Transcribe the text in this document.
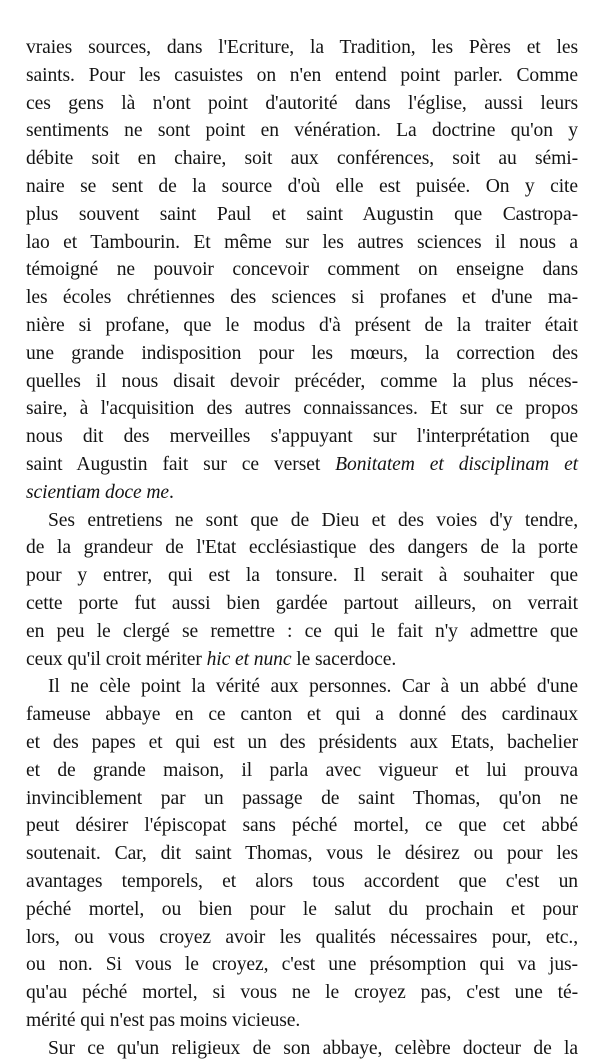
vraies sources, dans l'Ecriture, la Tradition, les Pères et les
saints. Pour les casuistes on n'en entend point parler. Comme
ces gens là n'ont point d'autorité dans l'église, aussi leurs
sentiments ne sont point en vénération. La doctrine qu'on y
débite soit en chaire, soit aux conférences, soit au sémi-
naire se sent de la source d'où elle est puisée. On y cite
plus souvent saint Paul et saint Augustin que Castropa-
lao et Tambourin. Et même sur les autres sciences il nous a
témoigné ne pouvoir concevoir comment on enseigne dans
les écoles chrétiennes des sciences si profanes et d'une ma-
nière si profane, que le modus d'à présent de la traiter était
une grande indisposition pour les mœurs, la correction des
quelles il nous disait devoir précéder, comme la plus néces-
saire, à l'acquisition des autres connaissances. Et sur ce propos
nous dit des merveilles s'appuyant sur l'interprétation que
saint Augustin fait sur ce verset Bonitatem et disciplinam et
scientiam doce me.
Ses entretiens ne sont que de Dieu et des voies d'y tendre,
de la grandeur de l'Etat ecclésiastique des dangers de la porte
pour y entrer, qui est la tonsure. Il serait à souhaiter que
cette porte fut aussi bien gardée partout ailleurs, on verrait
en peu le clergé se remettre : ce qui le fait n'y admettre que
ceux qu'il croit mériter hic et nunc le sacerdoce.
Il ne cèle point la vérité aux personnes. Car à un abbé d'une
fameuse abbaye en ce canton et qui a donné des cardinaux
et des papes et qui est un des présidents aux Etats, bachelier
et de grande maison, il parla avec vigueur et lui prouva
invinciblement par un passage de saint Thomas, qu'on ne
peut désirer l'épiscopat sans péché mortel, ce que cet abbé
soutenait. Car, dit saint Thomas, vous le désirez ou pour les
avantages temporels, et alors tous accordent que c'est un
péché mortel, ou bien pour le salut du prochain et pour
lors, ou vous croyez avoir les qualités nécessaires pour, etc.,
ou non. Si vous le croyez, c'est une présomption qui va jus-
qu'au péché mortel, si vous ne le croyez pas, c'est une té-
mérité qui n'est pas moins vicieuse.
Sur ce qu'un religieux de son abbaye, celèbre docteur de la
